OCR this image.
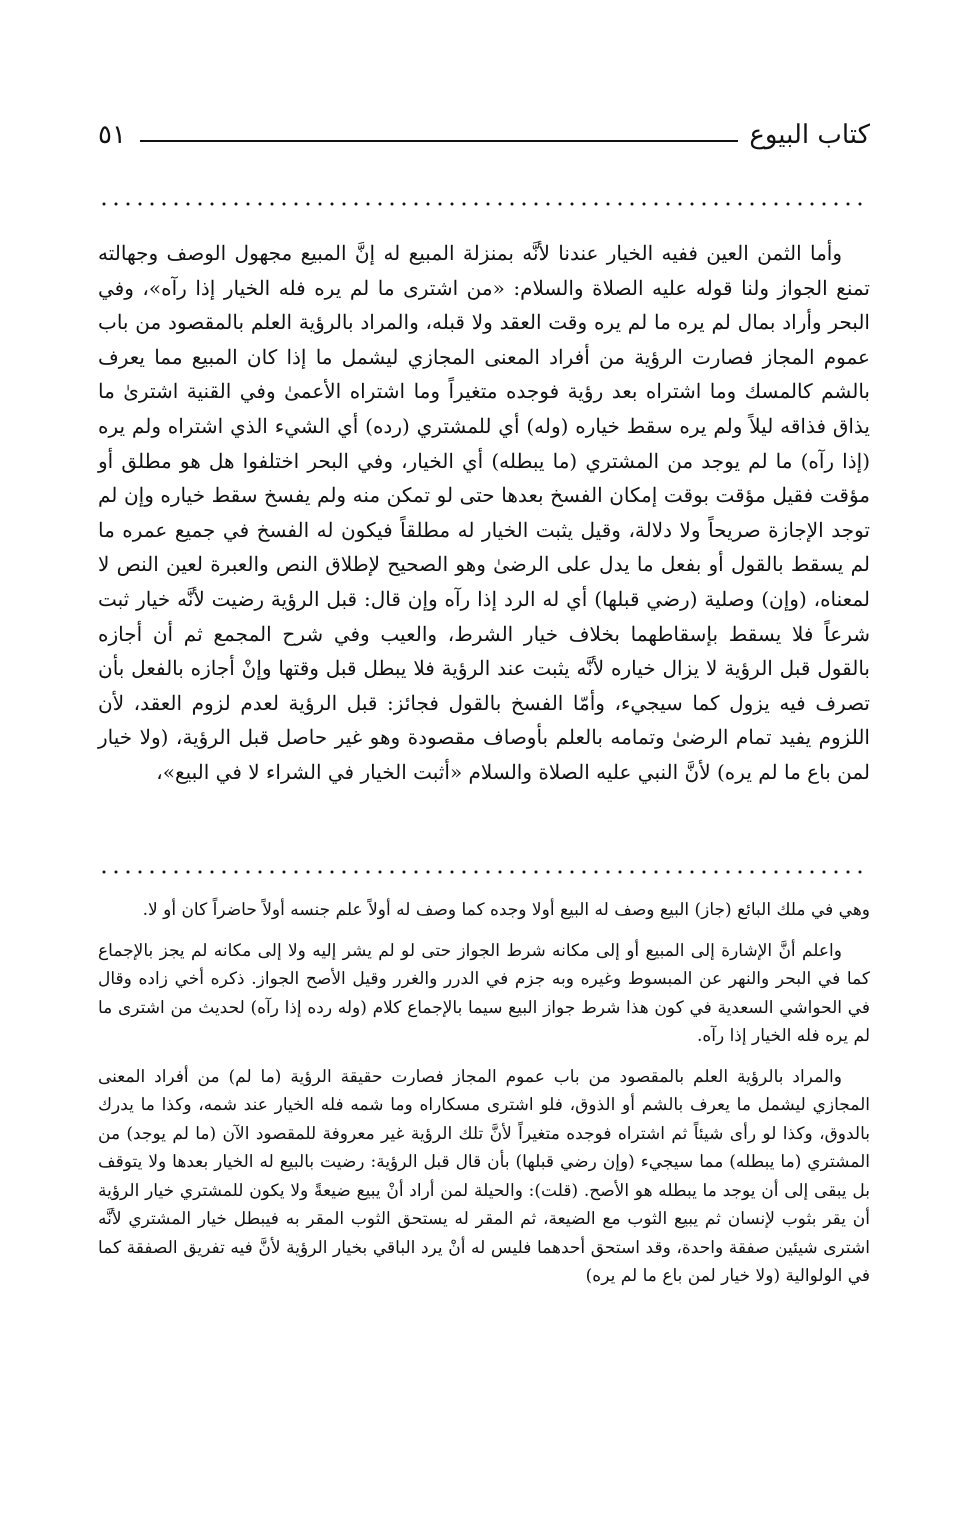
كتاب البيوع
٥١

وأما الثمن العين ففيه الخيار عندنا لأنَّه بمنزلة المبيع له إنَّ المبيع مجهول الوصف وجهالته تمنع الجواز ولنا قوله عليه الصلاة والسلام: «من اشترى ما لم يره فله الخيار إذا رآه»، وفي البحر وأراد بمال لم يره ما لم يره وقت العقد ولا قبله، والمراد بالرؤية العلم بالمقصود من باب عموم المجاز فصارت الرؤية من أفراد المعنى المجازي ليشمل ما إذا كان المبيع مما يعرف بالشم كالمسك وما اشتراه بعد رؤية فوجده متغيراً وما اشتراه الأعمىٰ وفي القنية اشترىٰ ما يذاق فذاقه ليلاً ولم يره سقط خياره (وله) أي للمشتري (رده) أي الشيء الذي اشتراه ولم يره (إذا رآه) ما لم يوجد من المشتري (ما يبطله) أي الخيار، وفي البحر اختلفوا هل هو مطلق أو مؤقت فقيل مؤقت بوقت إمكان الفسخ بعدها حتى لو تمكن منه ولم يفسخ سقط خياره وإن لم توجد الإجازة صريحاً ولا دلالة، وقيل يثبت الخيار له مطلقاً فيكون له الفسخ في جميع عمره ما لم يسقط بالقول أو بفعل ما يدل على الرضىٰ وهو الصحيح لإطلاق النص والعبرة لعين النص لا لمعناه، (وإن) وصلية (رضي قبلها) أي له الرد إذا رآه وإن قال: قبل الرؤية رضيت لأنَّه خيار ثبت شرعاً فلا يسقط بإسقاطهما بخلاف خيار الشرط، والعيب وفي شرح المجمع ثم أن أجازه بالقول قبل الرؤية لا يزال خياره لأنَّه يثبت عند الرؤية فلا يبطل قبل وقتها وإنْ أجازه بالفعل بأن تصرف فيه يزول كما سيجيء، وأمّا الفسخ بالقول فجائز: قبل الرؤية لعدم لزوم العقد، لأن اللزوم يفيد تمام الرضىٰ وتمامه بالعلم بأوصاف مقصودة وهو غير حاصل قبل الرؤية، (ولا خيار لمن باع ما لم يره) لأنَّ النبي عليه الصلاة والسلام «أثبت الخيار في الشراء لا في البيع»،

وهي في ملك البائع (جاز) البيع وصف له البيع أولا وجده كما وصف له أولاً علم جنسه أولاً حاضراً كان أو لا.

واعلم أنَّ الإشارة إلى المبيع أو إلى مكانه شرط الجواز حتى لو لم يشر إليه ولا إلى مكانه لم يجز بالإجماع كما في البحر والنهر عن المبسوط وغيره وبه جزم في الدرر والغرر وقيل الأصح الجواز. ذكره أخي زاده وقال في الحواشي السعدية في كون هذا شرط جواز البيع سيما بالإجماع كلام (وله رده إذا رآه) لحديث من اشترى ما لم يره فله الخيار إذا رآه.

والمراد بالرؤية العلم بالمقصود من باب عموم المجاز فصارت حقيقة الرؤية (ما لم) من أفراد المعنى المجازي ليشمل ما يعرف بالشم أو الذوق، فلو اشترى مسكاراه وما شمه فله الخيار عند شمه، وكذا ما يدرك بالدوق، وكذا لو رأى شيئاً ثم اشتراه فوجده متغيراً لأنَّ تلك الرؤية غير معروفة للمقصود الآن (ما لم يوجد) من المشتري (ما يبطله) مما سيجيء (وإن رضي قبلها) بأن قال قبل الرؤية: رضيت بالبيع له الخيار بعدها ولا يتوقف بل يبقى إلى أن يوجد ما يبطله هو الأصح. (قلت): والحيلة لمن أراد أنْ يبيع ضيعةً ولا يكون للمشتري خيار الرؤية أن يقر بثوب لإنسان ثم يبيع الثوب مع الضيعة، ثم المقر له يستحق الثوب المقر به فيبطل خيار المشتري لأنَّه اشترى شيئين صفقة واحدة، وقد استحق أحدهما فليس له أنْ يرد الباقي بخيار الرؤية لأنَّ فيه تفريق الصفقة كما في الولوالية (ولا خيار لمن باع ما لم يره)
